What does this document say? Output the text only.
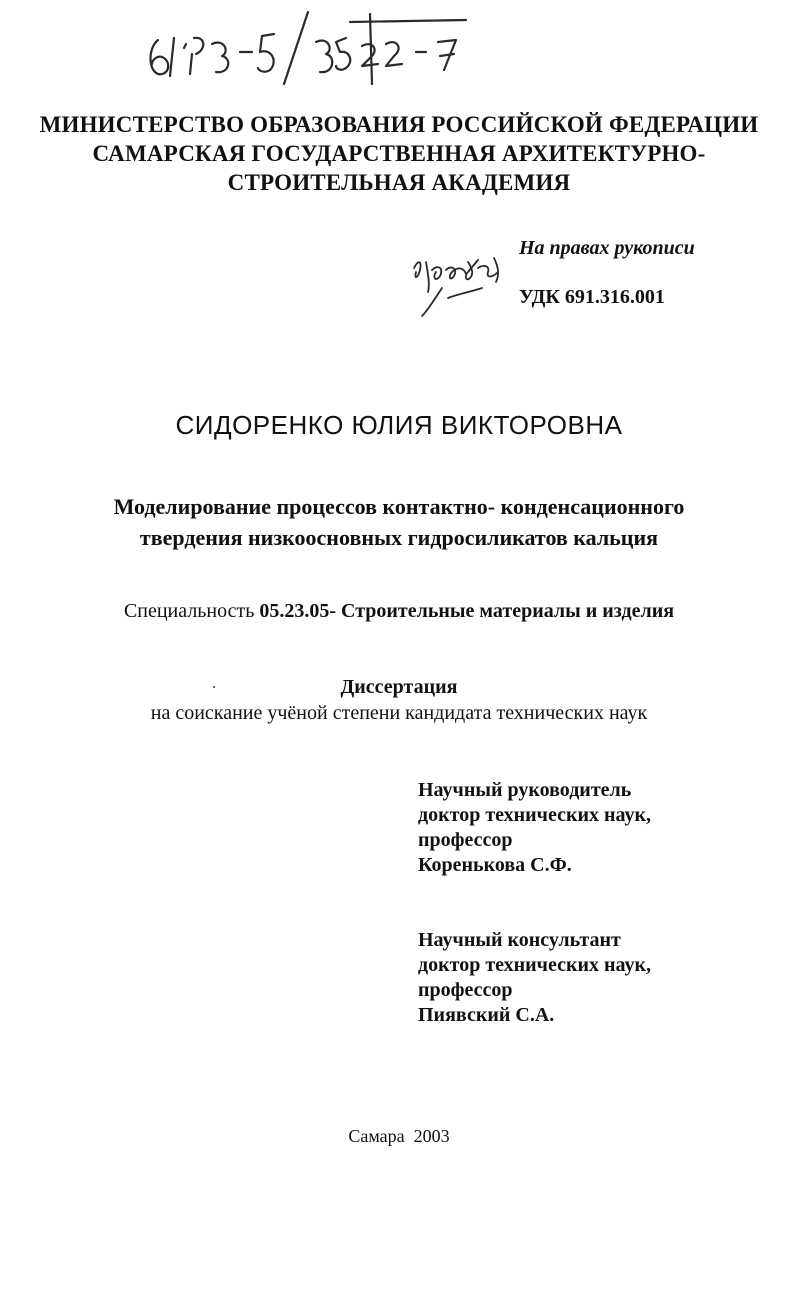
МИНИСТЕРСТВО ОБРАЗОВАНИЯ РОССИЙСКОЙ ФЕДЕРАЦИИ
САМАРСКАЯ ГОСУДАРСТВЕННАЯ АРХИТЕКТУРНО-
СТРОИТЕЛЬНАЯ АКАДЕМИЯ
На правах рукописи
УДК 691.316.001
СИДОРЕНКО ЮЛИЯ ВИКТОРОВНА
Моделирование процессов контактно- конденсационного
твердения низкоосновных гидросиликатов кальция
Специальность 05.23.05- Строительные материалы и изделия
Диссертация
на соискание учёной степени кандидата технических наук
Научный руководитель
доктор технических наук,
профессор
Коренькова С.Ф.
Научный консультант
доктор технических наук,
профессор
Пиявский С.А.
Самара  2003
